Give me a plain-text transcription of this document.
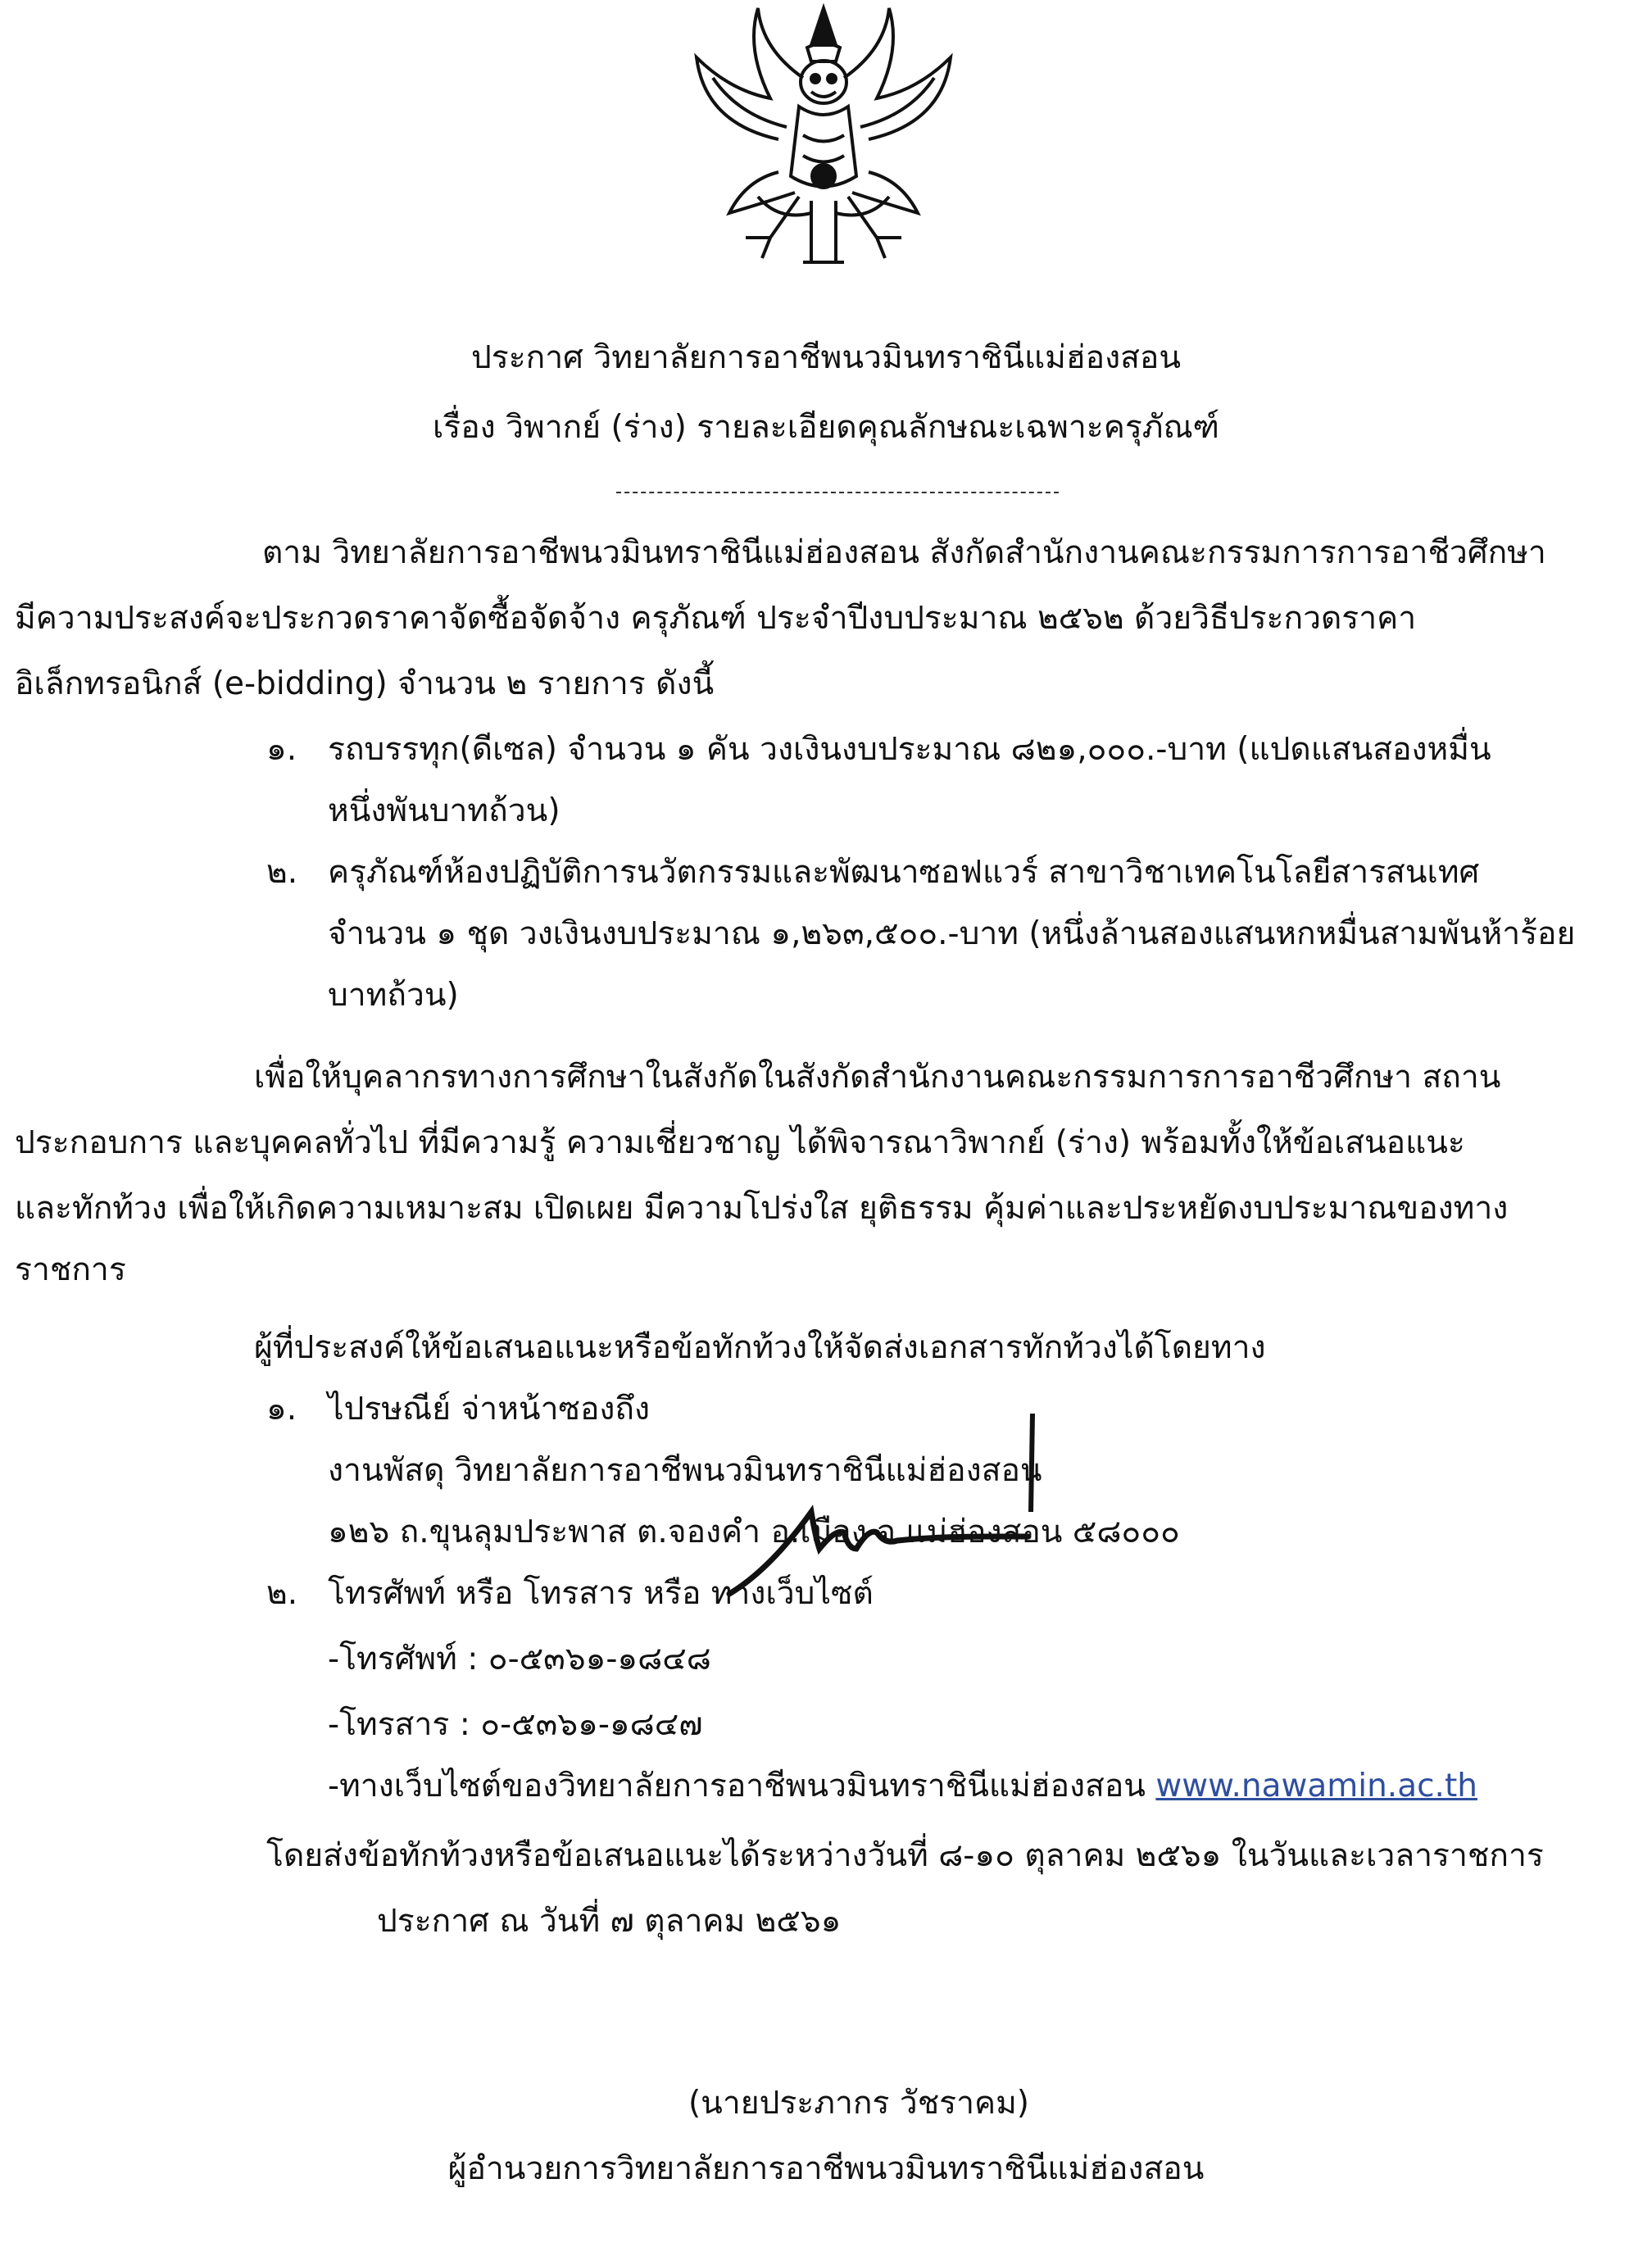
ประกาศ วิทยาลัยการอาชีพนวมินทราชินีแม่ฮ่องสอน
เรื่อง วิพากย์ (ร่าง) รายละเอียดคุณลักษณะเฉพาะครุภัณฑ์
ตาม วิทยาลัยการอาชีพนวมินทราชินีแม่ฮ่องสอน สังกัดสำนักงานคณะกรรมการการอาชีวศึกษา
มีความประสงค์จะประกวดราคาจัดซื้อจัดจ้าง ครุภัณฑ์ ประจำปีงบประมาณ ๒๕๖๒ ด้วยวิธีประกวดราคา
อิเล็กทรอนิกส์ (e-bidding) จำนวน ๒ รายการ ดังนี้
๑. รถบรรทุก(ดีเซล) จำนวน ๑ คัน วงเงินงบประมาณ ๘๒๑,๐๐๐.-บาท (แปดแสนสองหมื่น
หนึ่งพันบาทถ้วน)
๒. ครุภัณฑ์ห้องปฏิบัติการนวัตกรรมและพัฒนาซอฟแวร์ สาขาวิชาเทคโนโลยีสารสนเทศ
จำนวน ๑ ชุด วงเงินงบประมาณ ๑,๒๖๓,๕๐๐.-บาท (หนึ่งล้านสองแสนหกหมื่นสามพันห้าร้อย
บาทถ้วน)
เพื่อให้บุคลากรทางการศึกษาในสังกัดในสังกัดสำนักงานคณะกรรมการการอาชีวศึกษา สถาน
ประกอบการ และบุคคลทั่วไป ที่มีความรู้ ความเชี่ยวชาญ ได้พิจารณาวิพากย์ (ร่าง) พร้อมทั้งให้ข้อเสนอแนะ
และทักท้วง เพื่อให้เกิดความเหมาะสม เปิดเผย มีความโปร่งใส ยุติธรรม คุ้มค่าและประหยัดงบประมาณของทาง
ราชการ
ผู้ที่ประสงค์ให้ข้อเสนอแนะหรือข้อทักท้วงให้จัดส่งเอกสารทักท้วงได้โดยทาง
๑. ไปรษณีย์ จ่าหน้าซองถึง
งานพัสดุ วิทยาลัยการอาชีพนวมินทราชินีแม่ฮ่องสอน
๑๒๖ ถ.ขุนลุมประพาส ต.จองคำ อ.เมือง จ.แม่ฮ่องสอน ๕๘๐๐๐
๒. โทรศัพท์ หรือ โทรสาร หรือ ทางเว็บไซต์
-โทรศัพท์ : ๐-๕๓๖๑-๑๘๔๘
-โทรสาร : ๐-๕๓๖๑-๑๘๔๗
-ทางเว็บไซต์ของวิทยาลัยการอาชีพนวมินทราชินีแม่ฮ่องสอน www.nawamin.ac.th
โดยส่งข้อทักท้วงหรือข้อเสนอแนะได้ระหว่างวันที่ ๘-๑๐ ตุลาคม ๒๕๖๑ ในวันและเวลาราชการ
ประกาศ ณ วันที่ ๗ ตุลาคม ๒๕๖๑
(นายประภากร วัชราคม)
ผู้อำนวยการวิทยาลัยการอาชีพนวมินทราชินีแม่ฮ่องสอน
